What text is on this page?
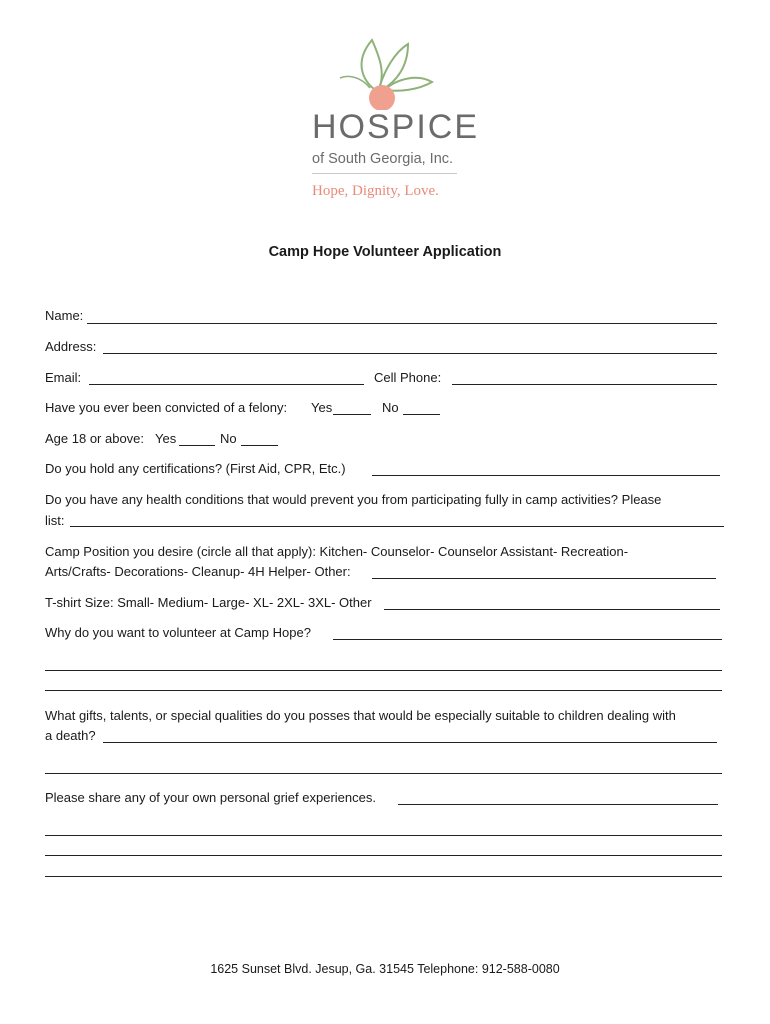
HOSPICE
of South Georgia, Inc.
Hope, Dignity, Love.
Camp Hope Volunteer Application
Name:
Address:
Email:	Cell Phone:
Have you ever been convicted of a felony: Yes	No
Age 18 or above: Yes	No
Do you hold any certifications? (First Aid, CPR, Etc.)
Do you have any health conditions that would prevent you from participating fully in camp activities? Please
list:
Camp Position you desire (circle all that apply): Kitchen- Counselor- Counselor Assistant- Recreation-
Arts/Crafts- Decorations- Cleanup- 4H Helper- Other:
T-shirt Size: Small- Medium- Large- XL- 2XL- 3XL- Other
Why do you want to volunteer at Camp Hope?
What gifts, talents, or special qualities do you posses that would be especially suitable to children dealing with
a death?
Please share any of your own personal grief experiences.
1625 Sunset Blvd. Jesup, Ga. 31545 Telephone: 912-588-0080
